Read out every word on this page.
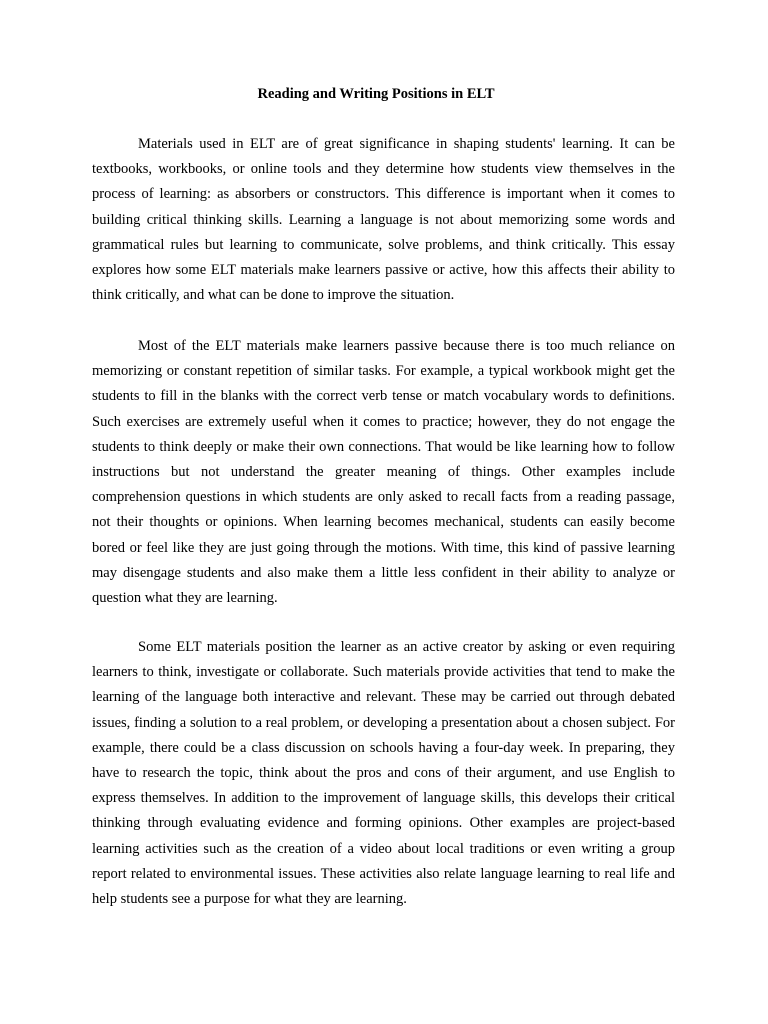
Reading and Writing Positions in ELT

Materials used in ELT are of great significance in shaping students' learning. It can be textbooks, workbooks, or online tools and they determine how students view themselves in the process of learning: as absorbers or constructors. This difference is important when it comes to building critical thinking skills. Learning a language is not about memorizing some words and grammatical rules but learning to communicate, solve problems, and think critically. This essay explores how some ELT materials make learners passive or active, how this affects their ability to think critically, and what can be done to improve the situation.

Most of the ELT materials make learners passive because there is too much reliance on memorizing or constant repetition of similar tasks. For example, a typical workbook might get the students to fill in the blanks with the correct verb tense or match vocabulary words to definitions. Such exercises are extremely useful when it comes to practice; however, they do not engage the students to think deeply or make their own connections. That would be like learning how to follow instructions but not understand the greater meaning of things. Other examples include comprehension questions in which students are only asked to recall facts from a reading passage, not their thoughts or opinions. When learning becomes mechanical, students can easily become bored or feel like they are just going through the motions. With time, this kind of passive learning may disengage students and also make them a little less confident in their ability to analyze or question what they are learning.

Some ELT materials position the learner as an active creator by asking or even requiring learners to think, investigate or collaborate. Such materials provide activities that tend to make the learning of the language both interactive and relevant. These may be carried out through debated issues, finding a solution to a real problem, or developing a presentation about a chosen subject. For example, there could be a class discussion on schools having a four-day week. In preparing, they have to research the topic, think about the pros and cons of their argument, and use English to express themselves. In addition to the improvement of language skills, this develops their critical thinking through evaluating evidence and forming opinions. Other examples are project-based learning activities such as the creation of a video about local traditions or even writing a group report related to environmental issues. These activities also relate language learning to real life and help students see a purpose for what they are learning.
